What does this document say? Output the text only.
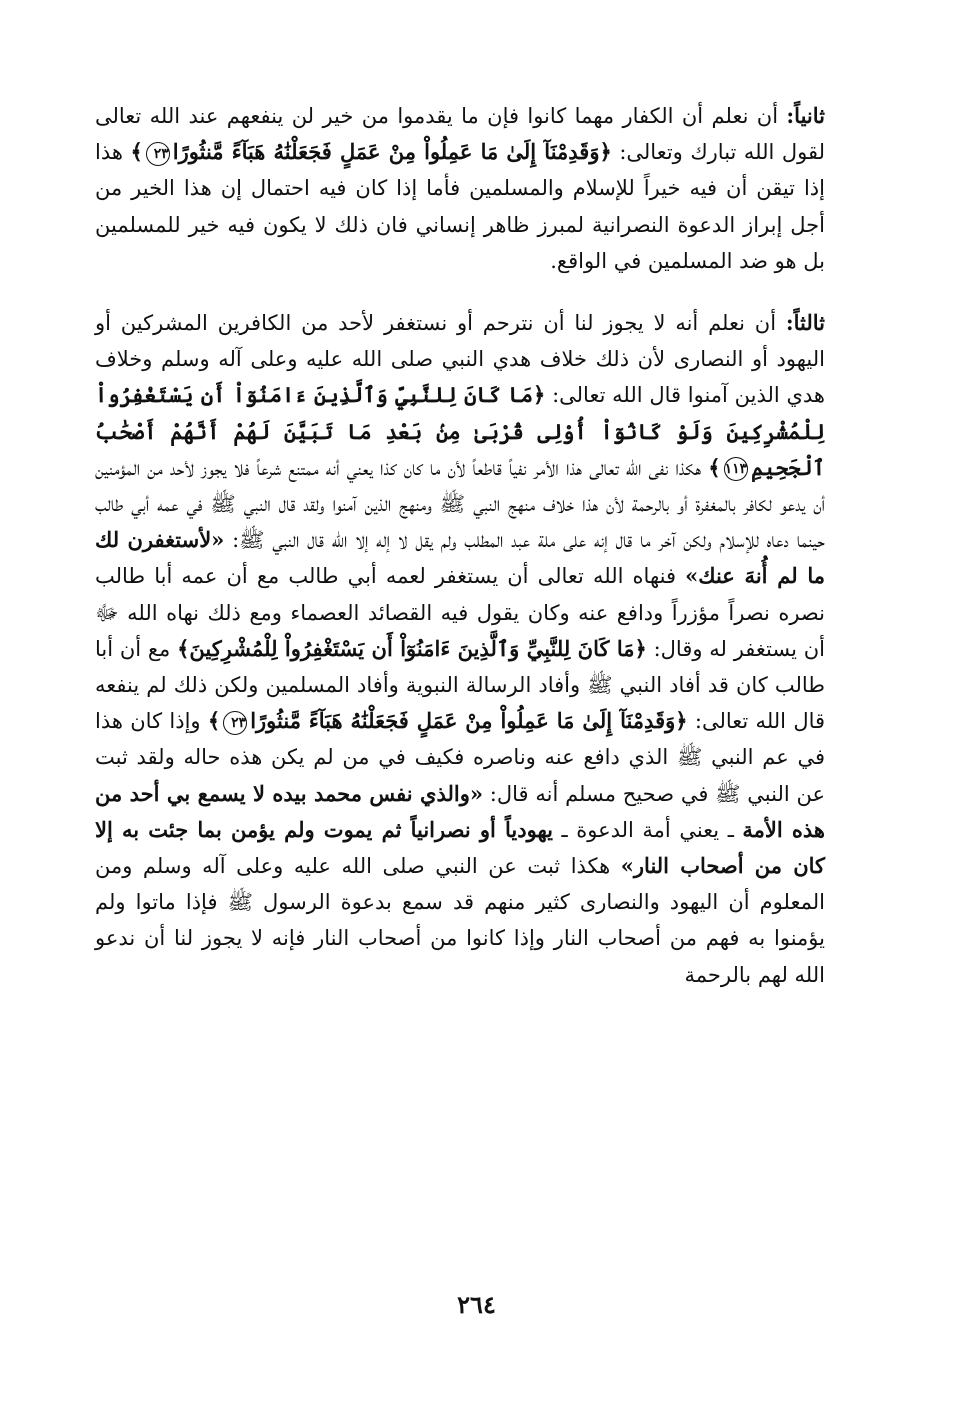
ثانياً: أن نعلم أن الكفار مهما كانوا فإن ما يقدموا من خير لن ينفعهم عند الله تعالى لقول الله تبارك وتعالى: ﴿وَقَدِمْنَآ إِلَىٰ مَا عَمِلُواْ مِنْ عَمَلٍ فَجَعَلْنَٰهُ هَبَآءً مَّنثُورًا٢٣﴾ هذا إذا تيقن أن فيه خيراً للإسلام والمسلمين فأما إذا كان فيه احتمال إن هذا الخير من أجل إبراز الدعوة النصرانية لمبرز ظاهر إنساني فان ذلك لا يكون فيه خير للمسلمين بل هو ضد المسلمين في الواقع.

ثالثاً: أن نعلم أنه لا يجوز لنا أن نترحم أو نستغفر لأحد من الكافرين المشركين أو اليهود أو النصارى لأن ذلك خلاف هدي النبي صلى الله عليه وعلى آله وسلم وخلاف هدي الذين آمنوا قال الله تعالى: ﴿مَا كَانَ لِلنَّبِيِّ وَٱلَّذِينَ ءَامَنُوٓاْ أَن يَسْتَغْفِرُواْ لِلْمُشْرِكِينَ وَلَوْ كَانُوٓاْ أُوْلِى قُرْبَىٰ مِنۢ بَعْدِ مَا تَبَيَّنَ لَهُمْ أَنَّهُمْ أَصْحَٰبُ ٱلْجَحِيمِ١١٣﴾ هكذا نفى الله تعالى هذا الأمر نفياً قاطعاً لأن ما كان كذا يعني أنه ممتنع شرعاً فلا يجوز لأحد من المؤمنين أن يدعو لكافر بالمغفرة أو بالرحمة لأن هذا خلاف منهج النبي ﷺ ومنهج الذين آمنوا ولقد قال النبي ﷺ في عمه أبي طالب حينما دعاه للإسلام ولكن آخر ما قال إنه على ملة عبد المطلب ولم يقل لا إله إلا الله قال النبي ﷺ: «لأستغفرن لك ما لم أُنهَ عنك» فنهاه الله تعالى أن يستغفر لعمه أبي طالب مع أن عمه أبا طالب نصره نصراً مؤزراً ودافع عنه وكان يقول فيه القصائد العصماء ومع ذلك نهاه الله ﷻ أن يستغفر له وقال: ﴿مَا كَانَ لِلنَّبِيِّ وَٱلَّذِينَ ءَامَنُوٓاْ أَن يَسْتَغْفِرُواْ لِلْمُشْرِكِينَ﴾ مع أن أبا طالب كان قد أفاد النبي ﷺ وأفاد الرسالة النبوية وأفاد المسلمين ولكن ذلك لم ينفعه قال الله تعالى: ﴿وَقَدِمْنَآ إِلَىٰ مَا عَمِلُواْ مِنْ عَمَلٍ فَجَعَلْنَٰهُ هَبَآءً مَّنثُورًا٢٣﴾ وإذا كان هذا في عم النبي ﷺ الذي دافع عنه وناصره فكيف في من لم يكن هذه حاله ولقد ثبت عن النبي ﷺ في صحيح مسلم أنه قال: «والذي نفس محمد بيده لا يسمع بي أحد من هذه الأمة ـ يعني أمة الدعوة ـ يهودياً أو نصرانياً ثم يموت ولم يؤمن بما جئت به إلا كان من أصحاب النار» هكذا ثبت عن النبي صلى الله عليه وعلى آله وسلم ومن المعلوم أن اليهود والنصارى كثير منهم قد سمع بدعوة الرسول ﷺ فإذا ماتوا ولم يؤمنوا به فهم من أصحاب النار وإذا كانوا من أصحاب النار فإنه لا يجوز لنا أن ندعو الله لهم بالرحمة

٢٦٤
